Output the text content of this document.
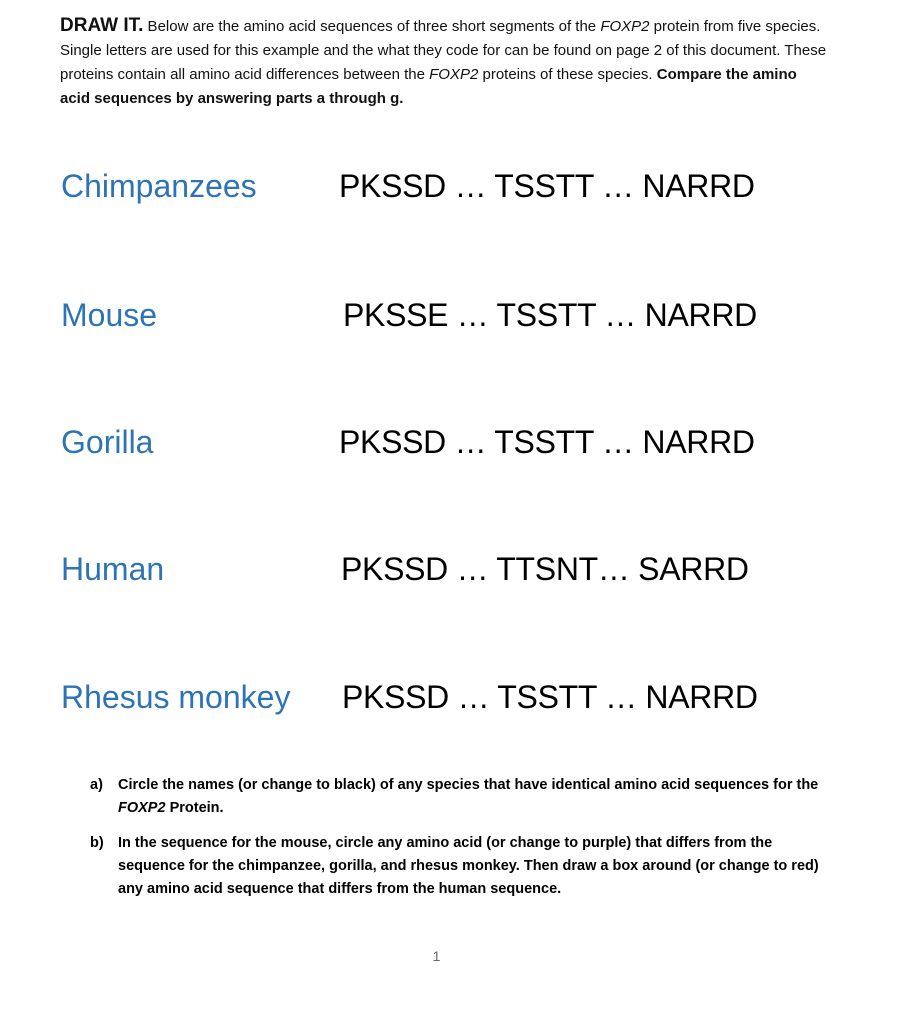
DRAW IT. Below are the amino acid sequences of three short segments of the FOXP2 protein from five species. Single letters are used for this example and the what they code for can be found on page 2 of this document. These proteins contain all amino acid differences between the FOXP2 proteins of these species. Compare the amino acid sequences by answering parts a through g.
Chimpanzees	PKSSD … TSSTT … NARRD
Mouse	PKSSE … TSSTT … NARRD
Gorilla	PKSSD … TSSTT … NARRD
Human	PKSSD … TTSNT… SARRD
Rhesus monkey PKSSD … TSSTT … NARRD
a)	Circle the names (or change to black) of any species that have identical amino acid sequences for the FOXP2 Protein.
b) In the sequence for the mouse, circle any amino acid (or change to purple) that differs from the sequence for the chimpanzee, gorilla, and rhesus monkey. Then draw a box around (or change to red) any amino acid sequence that differs from the human sequence.
1
